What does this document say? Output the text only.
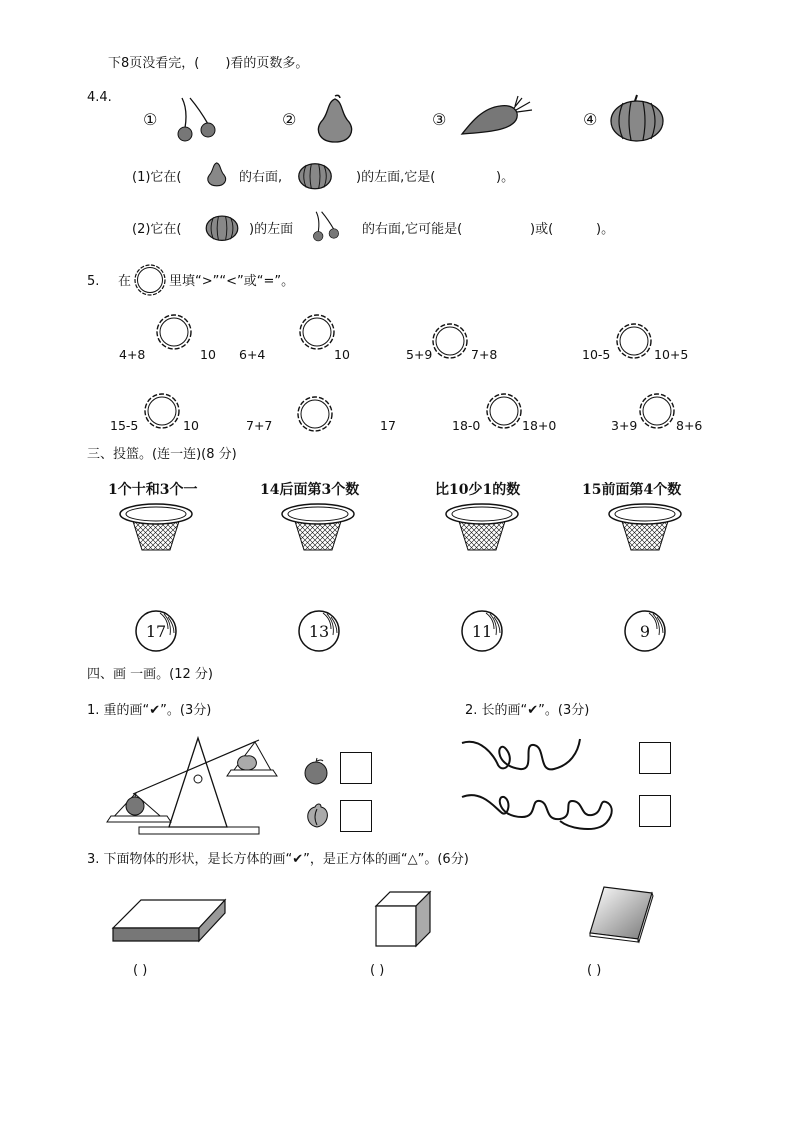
下8页没看完，( )看的页数多。
4.4.
①	②	③	④
(1)它在(	的右面,	)的左面,它是(	)。
(2)它在(	)的左面	的右面,它可能是(	)或(	)。
5. 在	里填“>”“<”或“=”。
4+8	10 6+4	10	5+9	7+8	10-5	10+5
15-5	10	7+7	17	18-0	18+0	3+9	8+6
三、投篮。(连一连)(8 分)
1个十和3个一	14后面第3个数	比10少1的数	15前面第4个数
17	13	11	9
四、画 一画。(12 分)
1. 重的画“✔”。(3分)	2. 长的画“✔”。(3分)
3. 下面物体的形状，是长方体的画“✔”，是正方体的画“△”。(6分)
( )	( )	( )
